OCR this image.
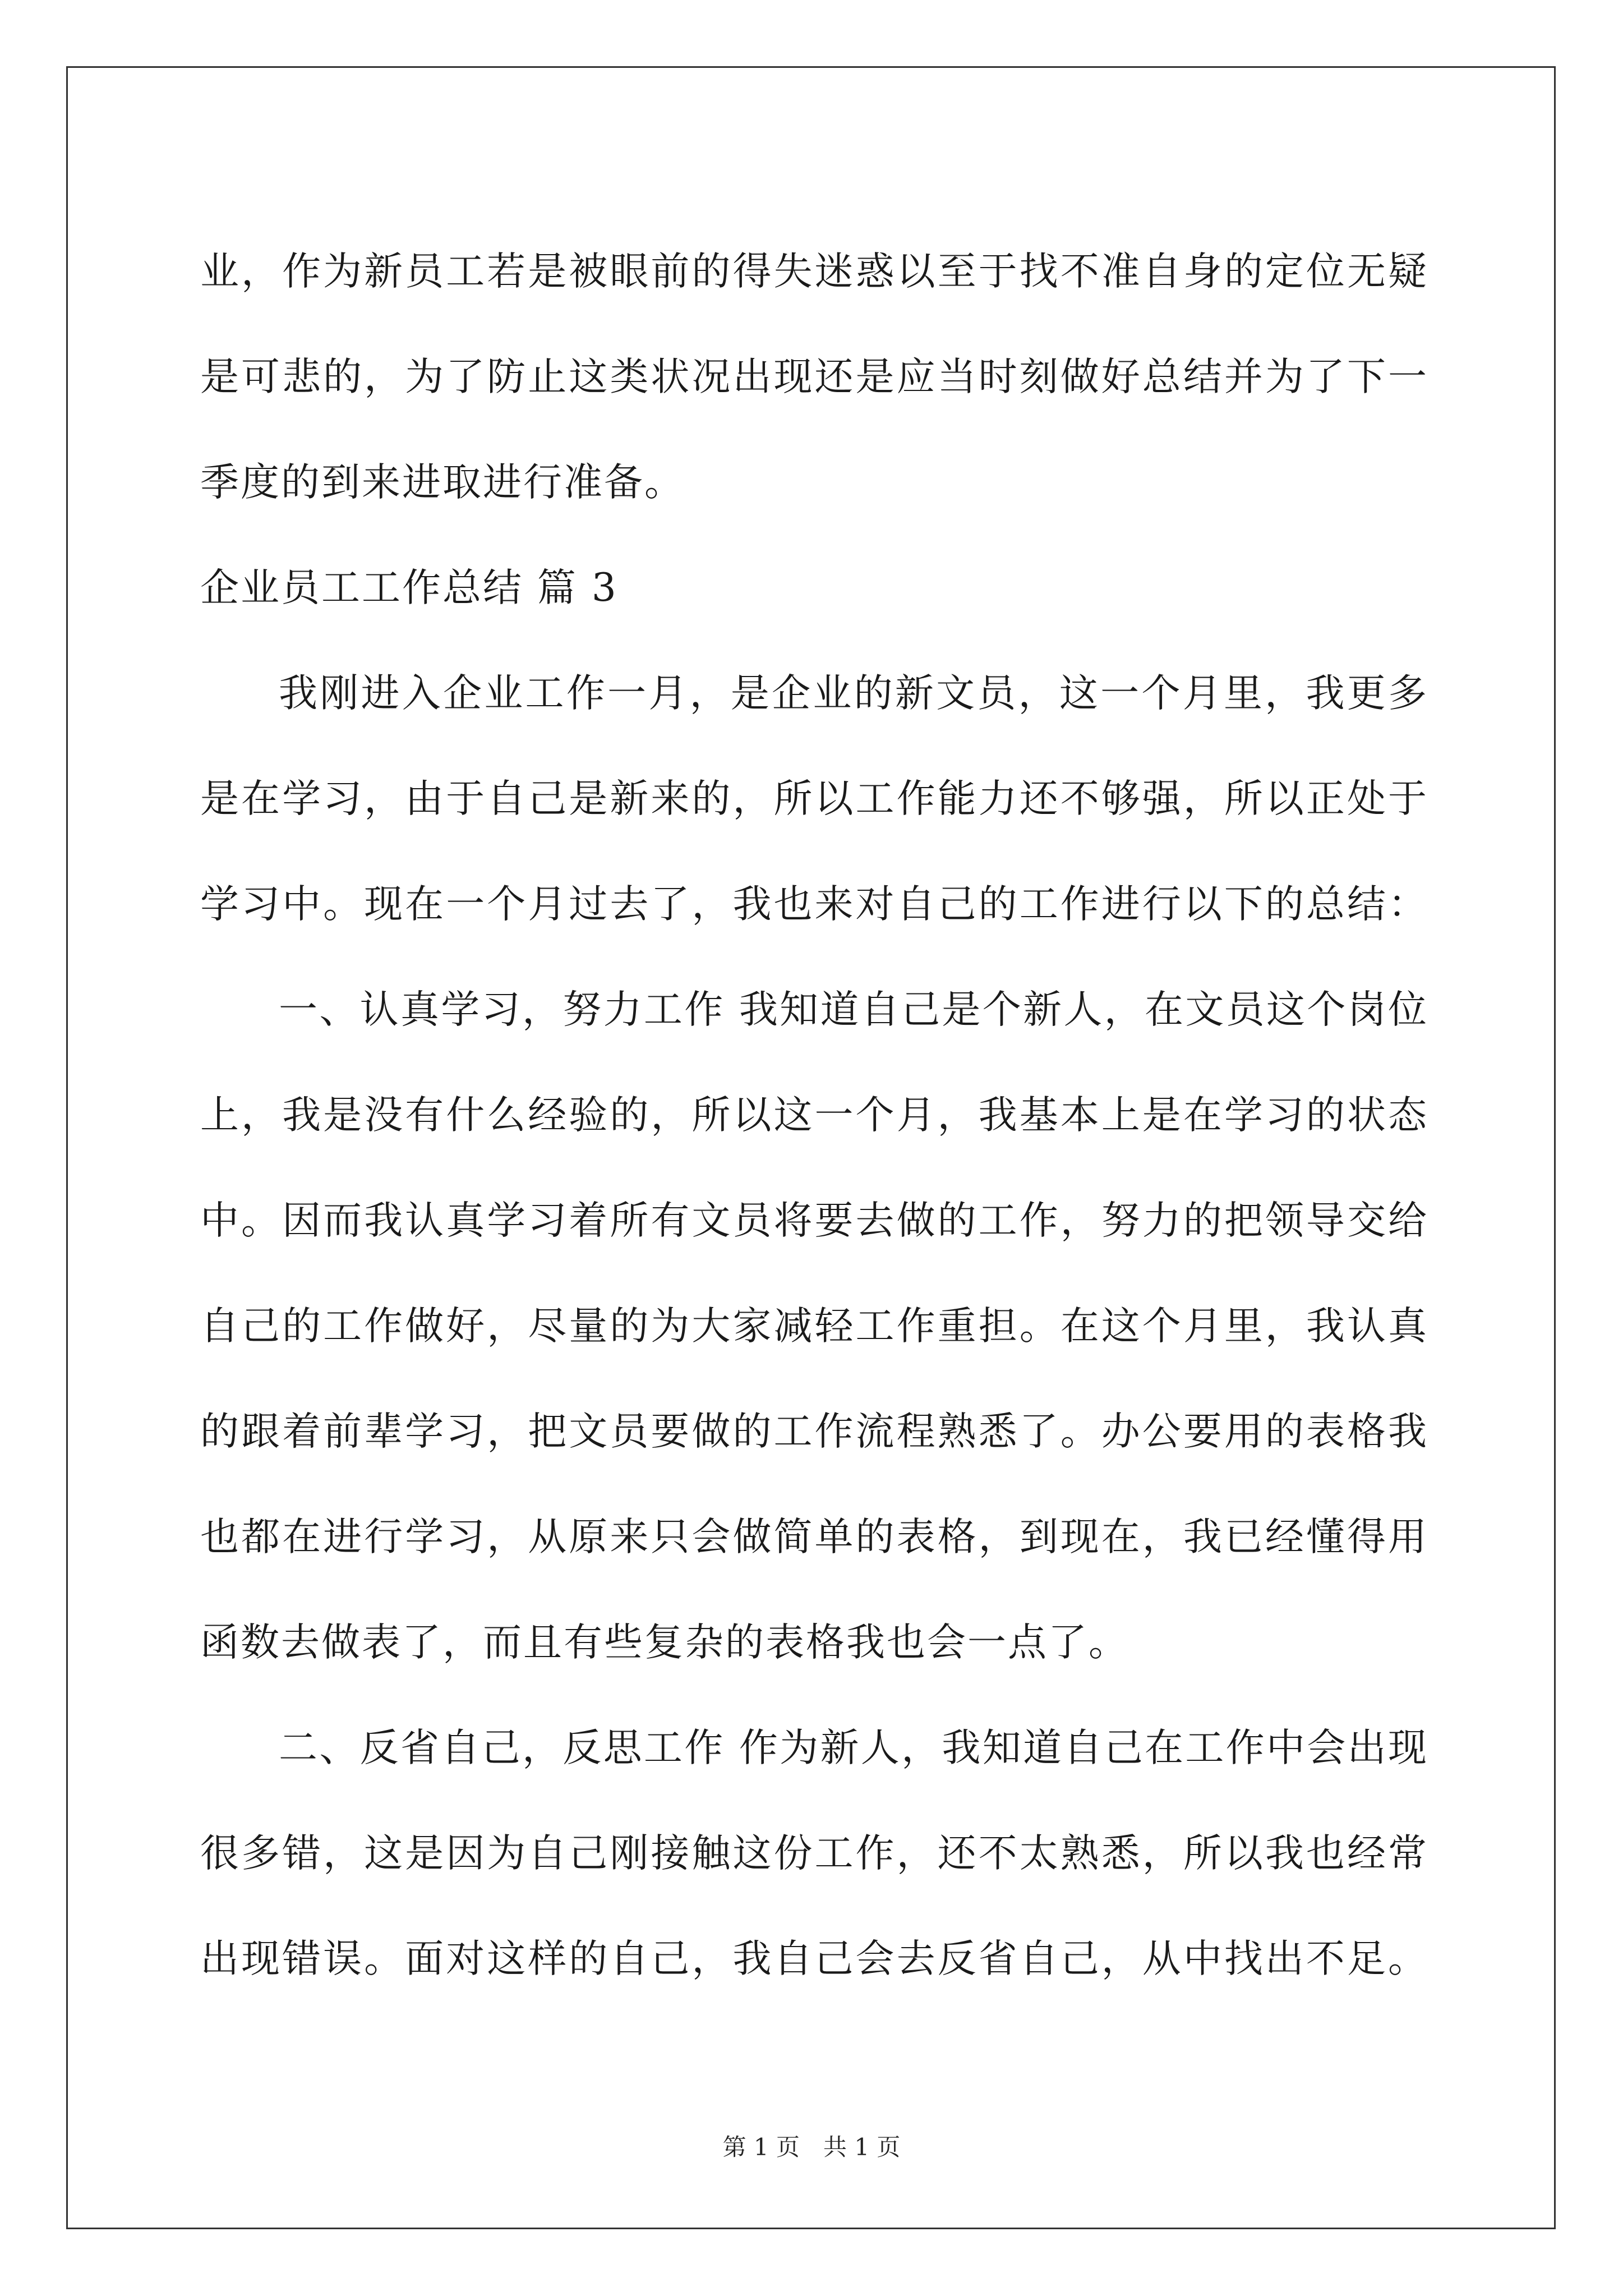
业，作为新员工若是被眼前的得失迷惑以至于找不准自身的定位无疑
是可悲的，为了防止这类状况出现还是应当时刻做好总结并为了下一
季度的到来进取进行准备。
企业员工工作总结 篇 3
我刚进入企业工作一月，是企业的新文员，这一个月里，我更多
是在学习，由于自己是新来的，所以工作能力还不够强，所以正处于
学习中。现在一个月过去了，我也来对自己的工作进行以下的总结：
一、认真学习，努力工作 我知道自己是个新人，在文员这个岗位
上，我是没有什么经验的，所以这一个月，我基本上是在学习的状态
中。因而我认真学习着所有文员将要去做的工作，努力的把领导交给
自己的工作做好，尽量的为大家减轻工作重担。在这个月里，我认真
的跟着前辈学习，把文员要做的工作流程熟悉了。办公要用的表格我
也都在进行学习，从原来只会做简单的表格，到现在，我已经懂得用
函数去做表了，而且有些复杂的表格我也会一点了。
二、反省自己，反思工作 作为新人，我知道自己在工作中会出现
很多错，这是因为自己刚接触这份工作，还不太熟悉，所以我也经常
出现错误。面对这样的自己，我自己会去反省自己，从中找出不足。
第 1 页　共 1 页
